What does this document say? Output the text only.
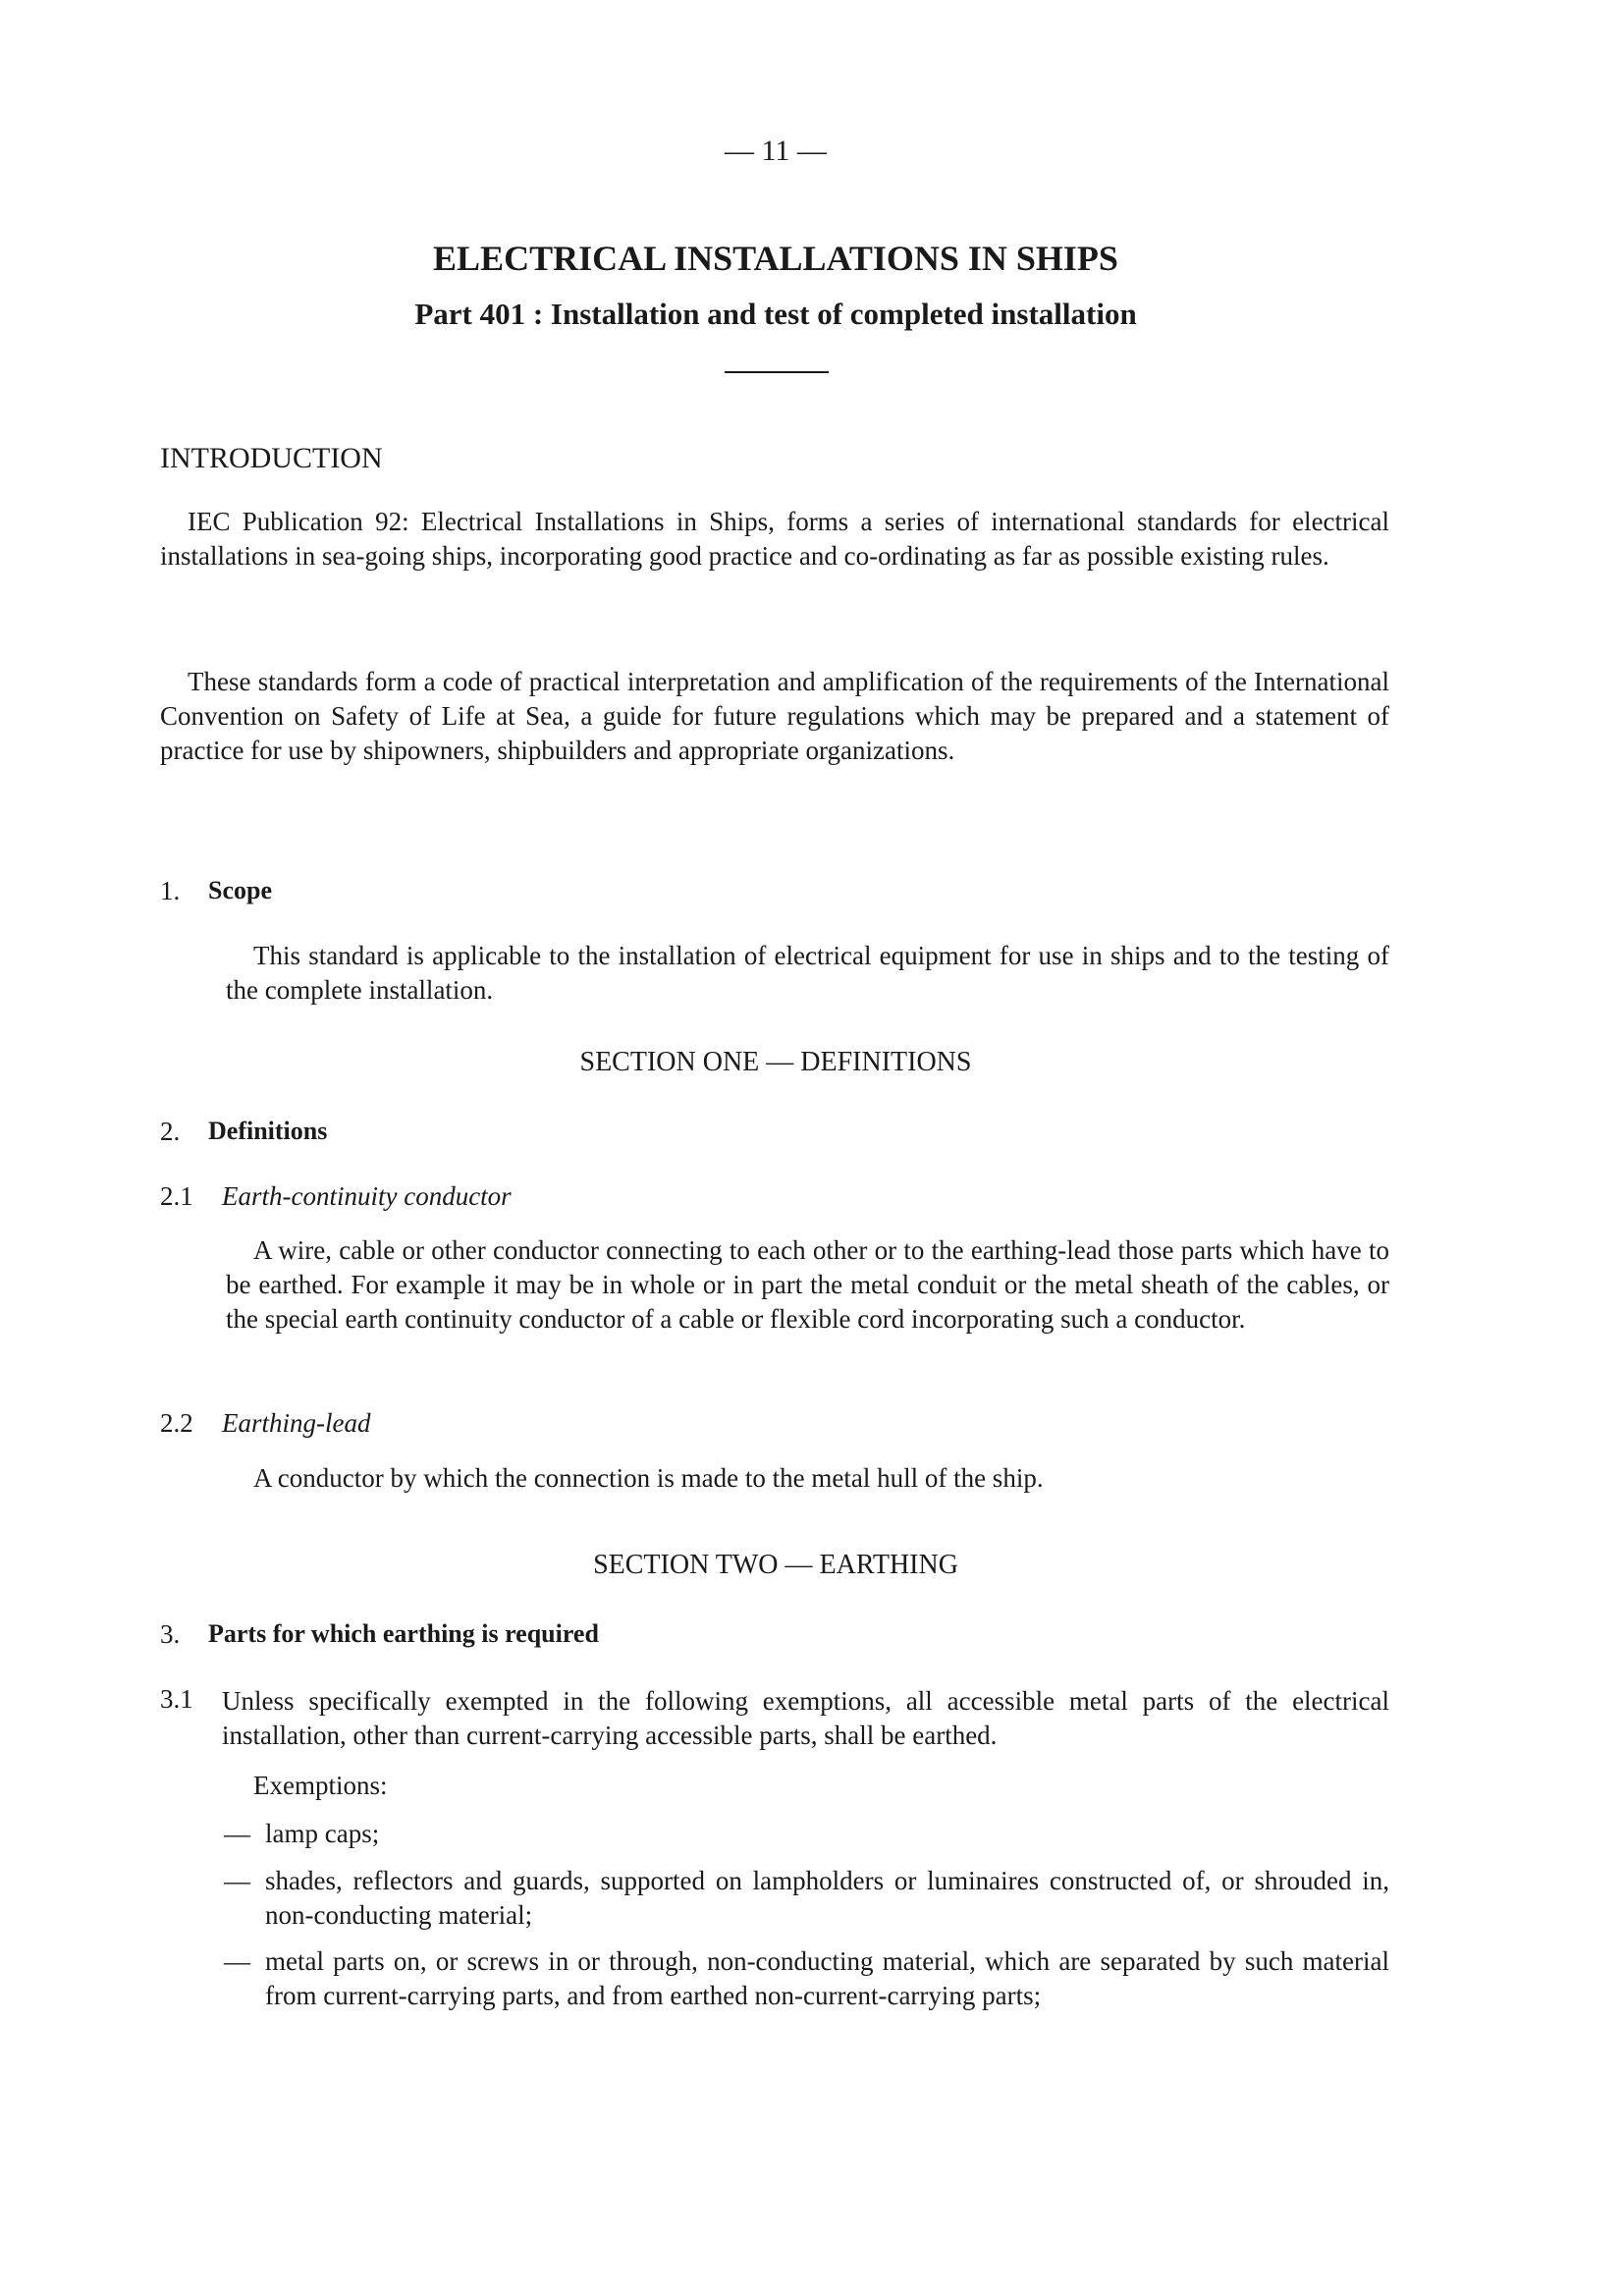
— 11 —
ELECTRICAL INSTALLATIONS IN SHIPS
Part 401 : Installation and test of completed installation
INTRODUCTION
IEC Publication 92: Electrical Installations in Ships, forms a series of international standards for electrical installations in sea-going ships, incorporating good practice and co-ordinating as far as possible existing rules.
These standards form a code of practical interpretation and amplification of the requirements of the International Convention on Safety of Life at Sea, a guide for future regulations which may be prepared and a statement of practice for use by shipowners, shipbuilders and appropriate organizations.
1. Scope
This standard is applicable to the installation of electrical equipment for use in ships and to the testing of the complete installation.
SECTION ONE — DEFINITIONS
2. Definitions
2.1 Earth-continuity conductor
A wire, cable or other conductor connecting to each other or to the earthing-lead those parts which have to be earthed. For example it may be in whole or in part the metal conduit or the metal sheath of the cables, or the special earth continuity conductor of a cable or flexible cord incorporating such a conductor.
2.2 Earthing-lead
A conductor by which the connection is made to the metal hull of the ship.
SECTION TWO — EARTHING
3. Parts for which earthing is required
3.1 Unless specifically exempted in the following exemptions, all accessible metal parts of the electrical installation, other than current-carrying accessible parts, shall be earthed.
Exemptions:
— lamp caps;
— shades, reflectors and guards, supported on lampholders or luminaires constructed of, or shrouded in, non-conducting material;
— metal parts on, or screws in or through, non-conducting material, which are separated by such material from current-carrying parts, and from earthed non-current-carrying parts;
